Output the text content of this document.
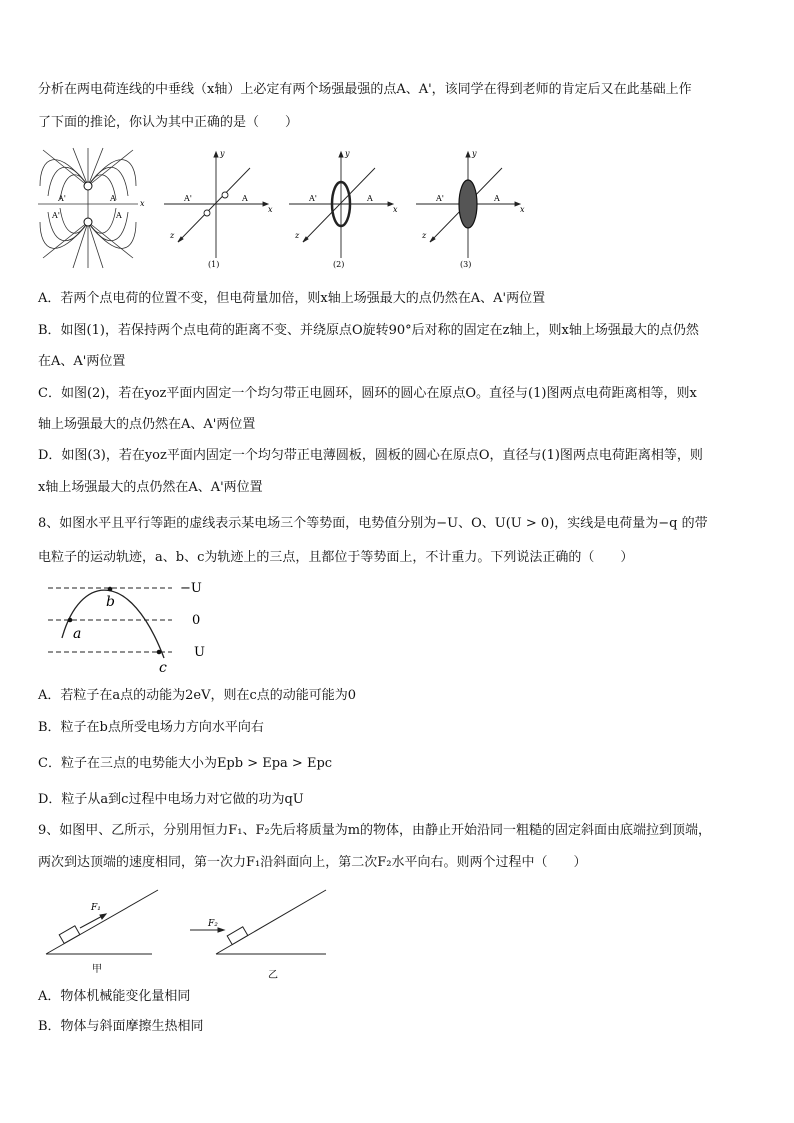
分析在两电荷连线的中垂线（x轴）上必定有两个场强最强的点A、A'，该同学在得到老师的肯定后又在此基础上作
了下面的推论，你认为其中正确的是（　　）
A'	A
x
A'	A
y
x
z
A'	A
(1)
y
x
z
A'	A
(2)
y
x
z
A'	A
(3)
A．若两个点电荷的位置不变，但电荷量加倍，则x轴上场强最大的点仍然在A、A'两位置
B．如图(1)，若保持两个点电荷的距离不变、并绕原点O旋转90°后对称的固定在z轴上，则x轴上场强最大的点仍然
在A、A'两位置
C．如图(2)，若在yoz平面内固定一个均匀带正电圆环，圆环的圆心在原点O。直径与(1)图两点电荷距离相等，则x
轴上场强最大的点仍然在A、A'两位置
D．如图(3)，若在yoz平面内固定一个均匀带正电薄圆板，圆板的圆心在原点O，直径与(1)图两点电荷距离相等，则
x轴上场强最大的点仍然在A、A'两位置
8、如图水平且平行等距的虚线表示某电场三个等势面，电势值分别为−U、O、U(U > 0)，实线是电荷量为−q 的带
电粒子的运动轨迹，a、b、c为轨迹上的三点，且都位于等势面上，不计重力。下列说法正确的（　　）
−U
0
U
a
b
c
A．若粒子在a点的动能为2eV，则在c点的动能可能为0
B．粒子在b点所受电场力方向水平向右
C．粒子在三点的电势能大小为Epb > Epa > Epc
D．粒子从a到c过程中电场力对它做的功为qU
9、如图甲、乙所示，分别用恒力F₁、F₂先后将质量为m的物体，由静止开始沿同一粗糙的固定斜面由底端拉到顶端，
两次到达顶端的速度相同，第一次力F₁沿斜面向上，第二次F₂水平向右。则两个过程中（　　）
F₁
F₂
甲
乙
A．物体机械能变化量相同
B．物体与斜面摩擦生热相同
